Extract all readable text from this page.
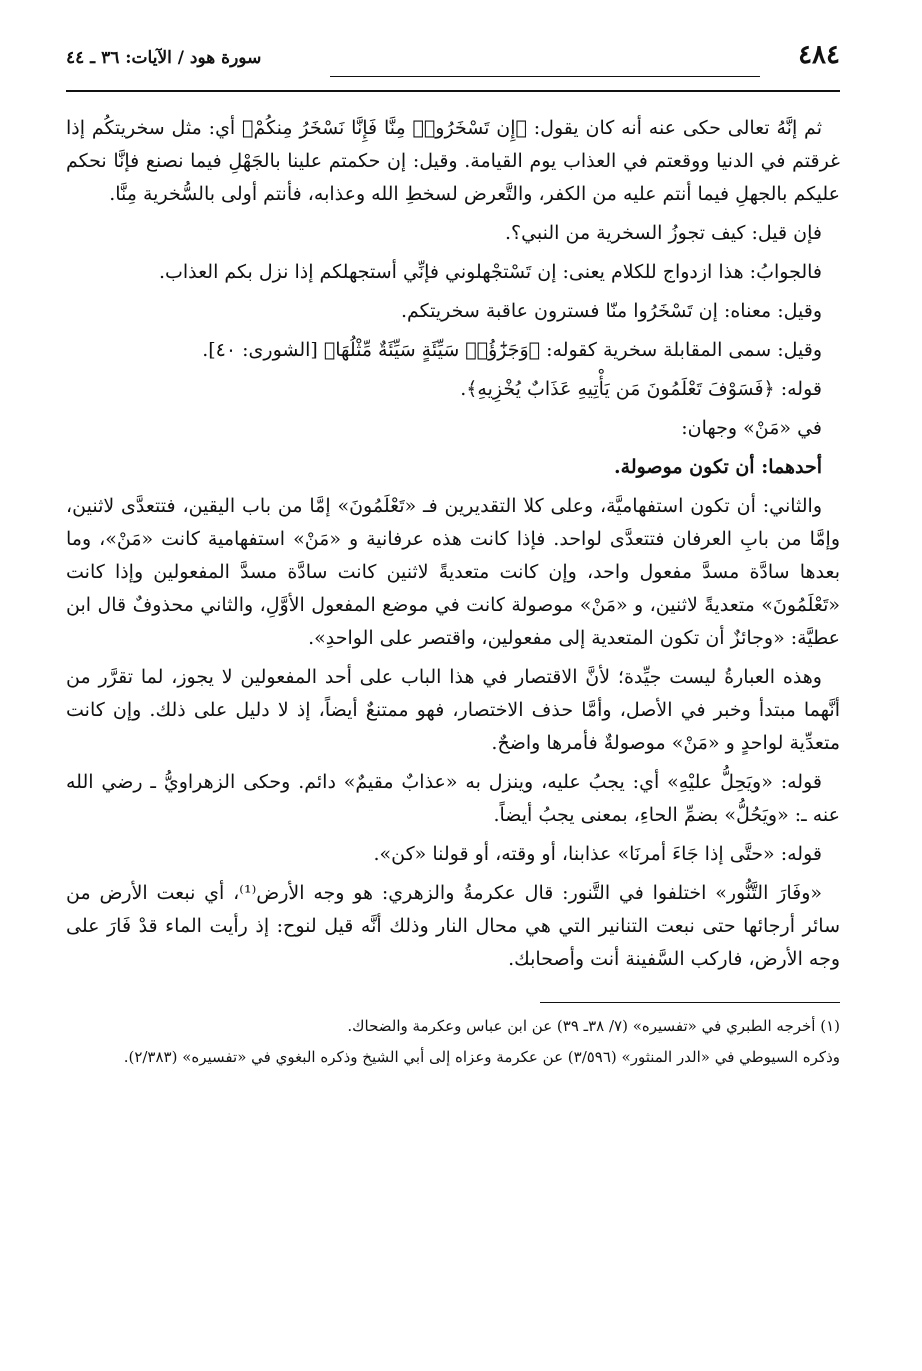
٤٨٤
سورة هود / الآيات: ٣٦ ـ ٤٤

ثم إنَّهُ تعالى حكى عنه أنه كان يقول: ﴿إِن تَسْخَرُوا۟ مِنَّا فَإِنَّا نَسْخَرُ مِنكُمْ﴾ أي: مثل سخريتكُم إذا غرقتم في الدنيا ووقعتم في العذاب يوم القيامة. وقيل: إن حكمتم علينا بالجَهْلِ فيما نصنع فإنَّا نحكم عليكم بالجهلِ فيما أنتم عليه من الكفر، والتَّعرض لسخطِ الله وعذابه، فأنتم أولى بالسُّخرية مِنَّا.

فإن قيل: كيف تجوزُ السخرية من النبي؟.

فالجوابُ: هذا ازدواج للكلام يعنى: إن تَسْتجْهلوني فإنِّي أستجهلكم إذا نزل بكم العذاب.

وقيل: معناه: إن تَسْخَرُوا منّا فسترون عاقبة سخريتكم.

وقيل: سمى المقابلة سخرية كقوله: ﴿وَجَزَٰٓؤُا۟ سَيِّئَةٍ سَيِّئَةٌ مِّثْلُهَا﴾ [الشورى: ٤٠].

قوله: ﴿فَسَوْفَ تَعْلَمُونَ مَن يَأْتِيهِ عَذَابٌ يُخْزِيهِ﴾.

في «مَنْ» وجهان:

أحدهما: أن تكون موصولة.

والثاني: أن تكون استفهاميَّة، وعلى كلا التقديرين فـ «تَعْلَمُونَ» إمَّا من باب اليقين، فتتعدَّى لاثنين، وإمَّا من بابِ العرفان فتتعدَّى لواحد. فإذا كانت هذه عرفانية و «مَنْ» استفهامية كانت «مَنْ»، وما بعدها سادَّة مسدَّ مفعول واحد، وإن كانت متعديةً لاثنين كانت سادَّة مسدَّ المفعولين وإذا كانت «تَعْلَمُونَ» متعديةً لاثنين، و «مَنْ» موصولة كانت في موضع المفعول الأوَّلِ، والثاني محذوفٌ قال ابن عطيَّة: «وجائزٌ أن تكون المتعدية إلى مفعولين، واقتصر على الواحدِ».

وهذه العبارةُ ليست جيِّدة؛ لأنَّ الاقتصار في هذا الباب على أحد المفعولين لا يجوز، لما تقرَّر من أنَّهما مبتدأ وخبر في الأصل، وأمَّا حذف الاختصار، فهو ممتنعٌ أيضاً، إذ لا دليل على ذلك. وإن كانت متعدِّية لواحدٍ و «مَنْ» موصولةٌ فأمرها واضحٌ.

قوله: «ويَحِلُّ عليْهِ» أي: يجبُ عليه، وينزل به «عذابٌ مقيمٌ» دائم. وحكى الزهراويُّ ـ رضي الله عنه ـ: «ويَحُلُّ» بضمِّ الحاءِ، بمعنى يجبُ أيضاً.

قوله: «حتَّى إذا جَاءَ أمرنَا» عذابنا، أو وقته، أو قولنا «كن».

«وفَارَ التَّنُّور» اختلفوا في التَّنور: قال عكرمةُ والزهري: هو وجه الأرض⁽¹⁾، أي نبعت الأرض من سائر أرجائها حتى نبعت التنانير التي هي محال النار وذلك أنَّه قيل لنوح: إذ رأيت الماء قدْ فَارَ على وجه الأرض، فاركب السَّفينة أنت وأصحابك.

(١) أخرجه الطبري في «تفسيره» (٧/ ٣٨ـ ٣٩) عن ابن عباس وعكرمة والضحاك.

وذكره السيوطي في «الدر المنثور» (٣/٥٩٦) عن عكرمة وعزاه إلى أبي الشيخ وذكره البغوي في «تفسيره» (٢/٣٨٣).
